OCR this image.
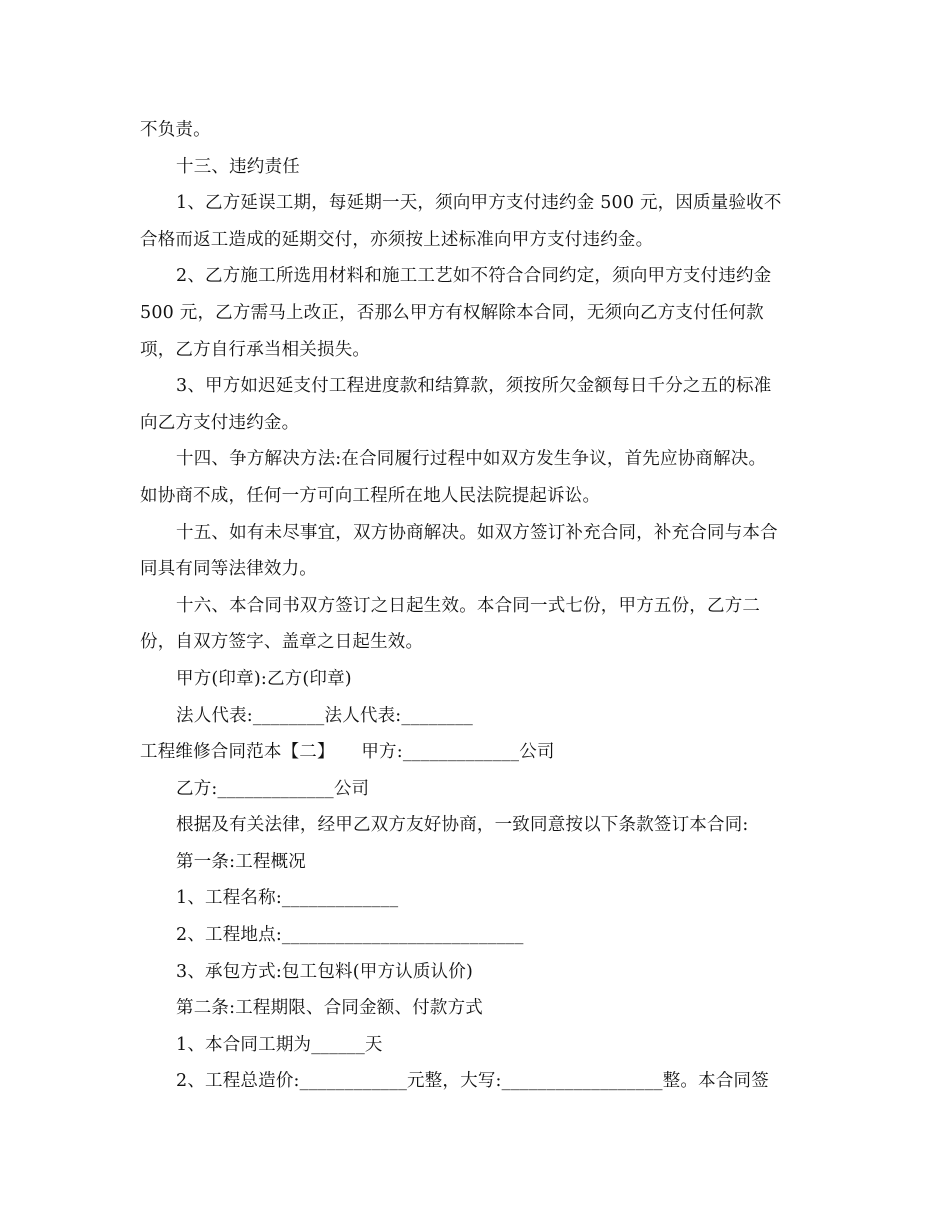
不负责。
十三、违约责任
1、乙方延误工期，每延期一天，须向甲方支付违约金 500 元，因质量验收不
合格而返工造成的延期交付，亦须按上述标准向甲方支付违约金。
2、乙方施工所选用材料和施工工艺如不符合合同约定，须向甲方支付违约金
500 元，乙方需马上改正，否那么甲方有权解除本合同，无须向乙方支付任何款
项，乙方自行承当相关损失。
3、甲方如迟延支付工程进度款和结算款，须按所欠金额每日千分之五的标准
向乙方支付违约金。
十四、争方解决方法:在合同履行过程中如双方发生争议，首先应协商解决。
如协商不成，任何一方可向工程所在地人民法院提起诉讼。
十五、如有未尽事宜，双方协商解决。如双方签订补充合同，补充合同与本合
同具有同等法律效力。
十六、本合同书双方签订之日起生效。本合同一式七份，甲方五份，乙方二
份，自双方签字、盖章之日起生效。
甲方(印章):乙方(印章)
法人代表:________法人代表:________
工程维修合同范本【二】　　甲方:_____________公司
乙方:_____________公司
根据及有关法律，经甲乙双方友好协商，一致同意按以下条款签订本合同:
第一条:工程概况
1、工程名称:_____________
2、工程地点:___________________________
3、承包方式:包工包料(甲方认质认价)
第二条:工程期限、合同金额、付款方式
1、本合同工期为______天
2、工程总造价:____________元整，大写:__________________整。本合同签
